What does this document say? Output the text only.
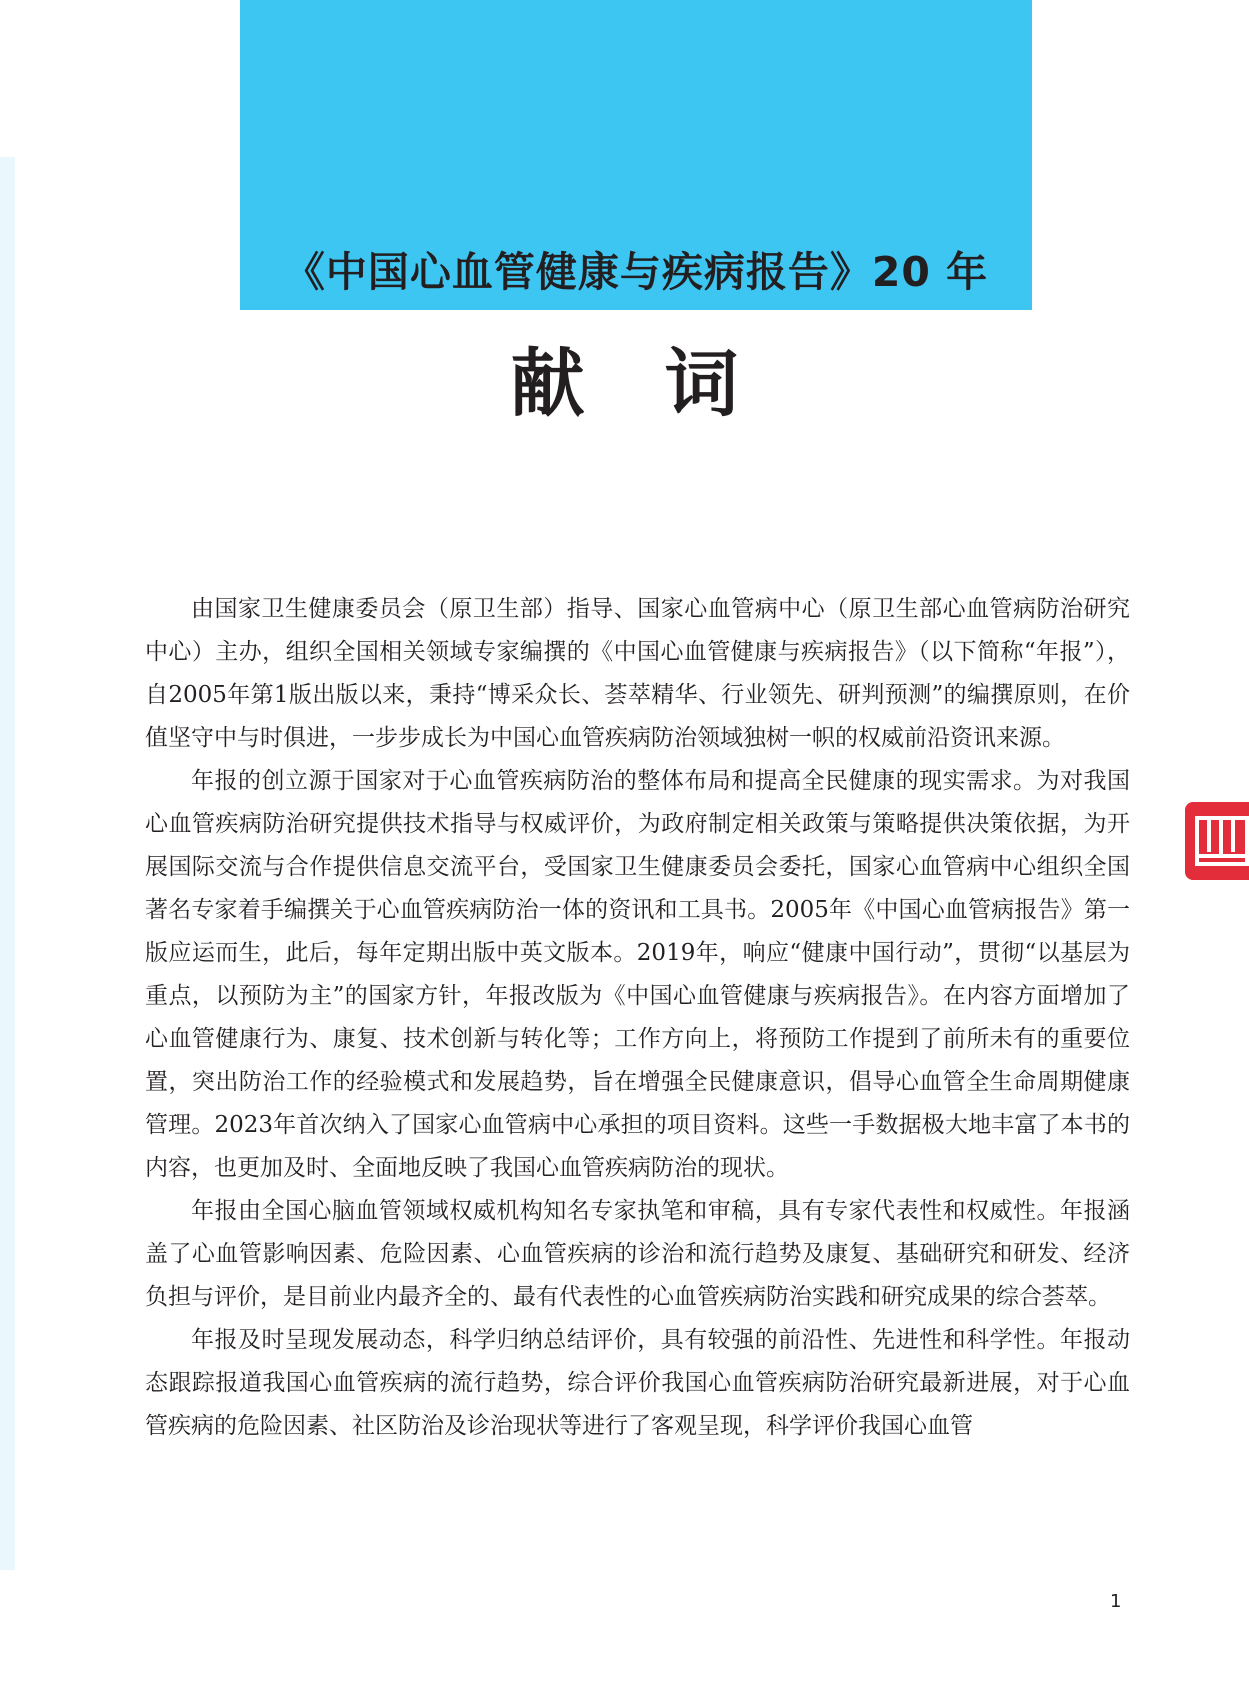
《中国心血管健康与疾病报告》20 年
献词

由国家卫生健康委员会（原卫生部）指导、国家心血管病中心（原卫生部心血管病防治研究中心）主办，组织全国相关领域专家编撰的《中国心血管健康与疾病报告》（以下简称“年报”），自2005年第1版出版以来，秉持“博采众长、荟萃精华、行业领先、研判预测”的编撰原则，在价值坚守中与时俱进，一步步成长为中国心血管疾病防治领域独树一帜的权威前沿资讯来源。

年报的创立源于国家对于心血管疾病防治的整体布局和提高全民健康的现实需求。为对我国心血管疾病防治研究提供技术指导与权威评价，为政府制定相关政策与策略提供决策依据，为开展国际交流与合作提供信息交流平台，受国家卫生健康委员会委托，国家心血管病中心组织全国著名专家着手编撰关于心血管疾病防治一体的资讯和工具书。2005年《中国心血管病报告》第一版应运而生，此后，每年定期出版中英文版本。2019年，响应“健康中国行动”，贯彻“以基层为重点，以预防为主”的国家方针，年报改版为《中国心血管健康与疾病报告》。在内容方面增加了心血管健康行为、康复、技术创新与转化等；工作方向上，将预防工作提到了前所未有的重要位置，突出防治工作的经验模式和发展趋势，旨在增强全民健康意识，倡导心血管全生命周期健康管理。2023年首次纳入了国家心血管病中心承担的项目资料。这些一手数据极大地丰富了本书的内容，也更加及时、全面地反映了我国心血管疾病防治的现状。

年报由全国心脑血管领域权威机构知名专家执笔和审稿，具有专家代表性和权威性。年报涵盖了心血管影响因素、危险因素、心血管疾病的诊治和流行趋势及康复、基础研究和研发、经济负担与评价，是目前业内最齐全的、最有代表性的心血管疾病防治实践和研究成果的综合荟萃。

年报及时呈现发展动态，科学归纳总结评价，具有较强的前沿性、先进性和科学性。年报动态跟踪报道我国心血管疾病的流行趋势，综合评价我国心血管疾病防治研究最新进展，对于心血管疾病的危险因素、社区防治及诊治现状等进行了客观呈现，科学评价我国心血管

1
